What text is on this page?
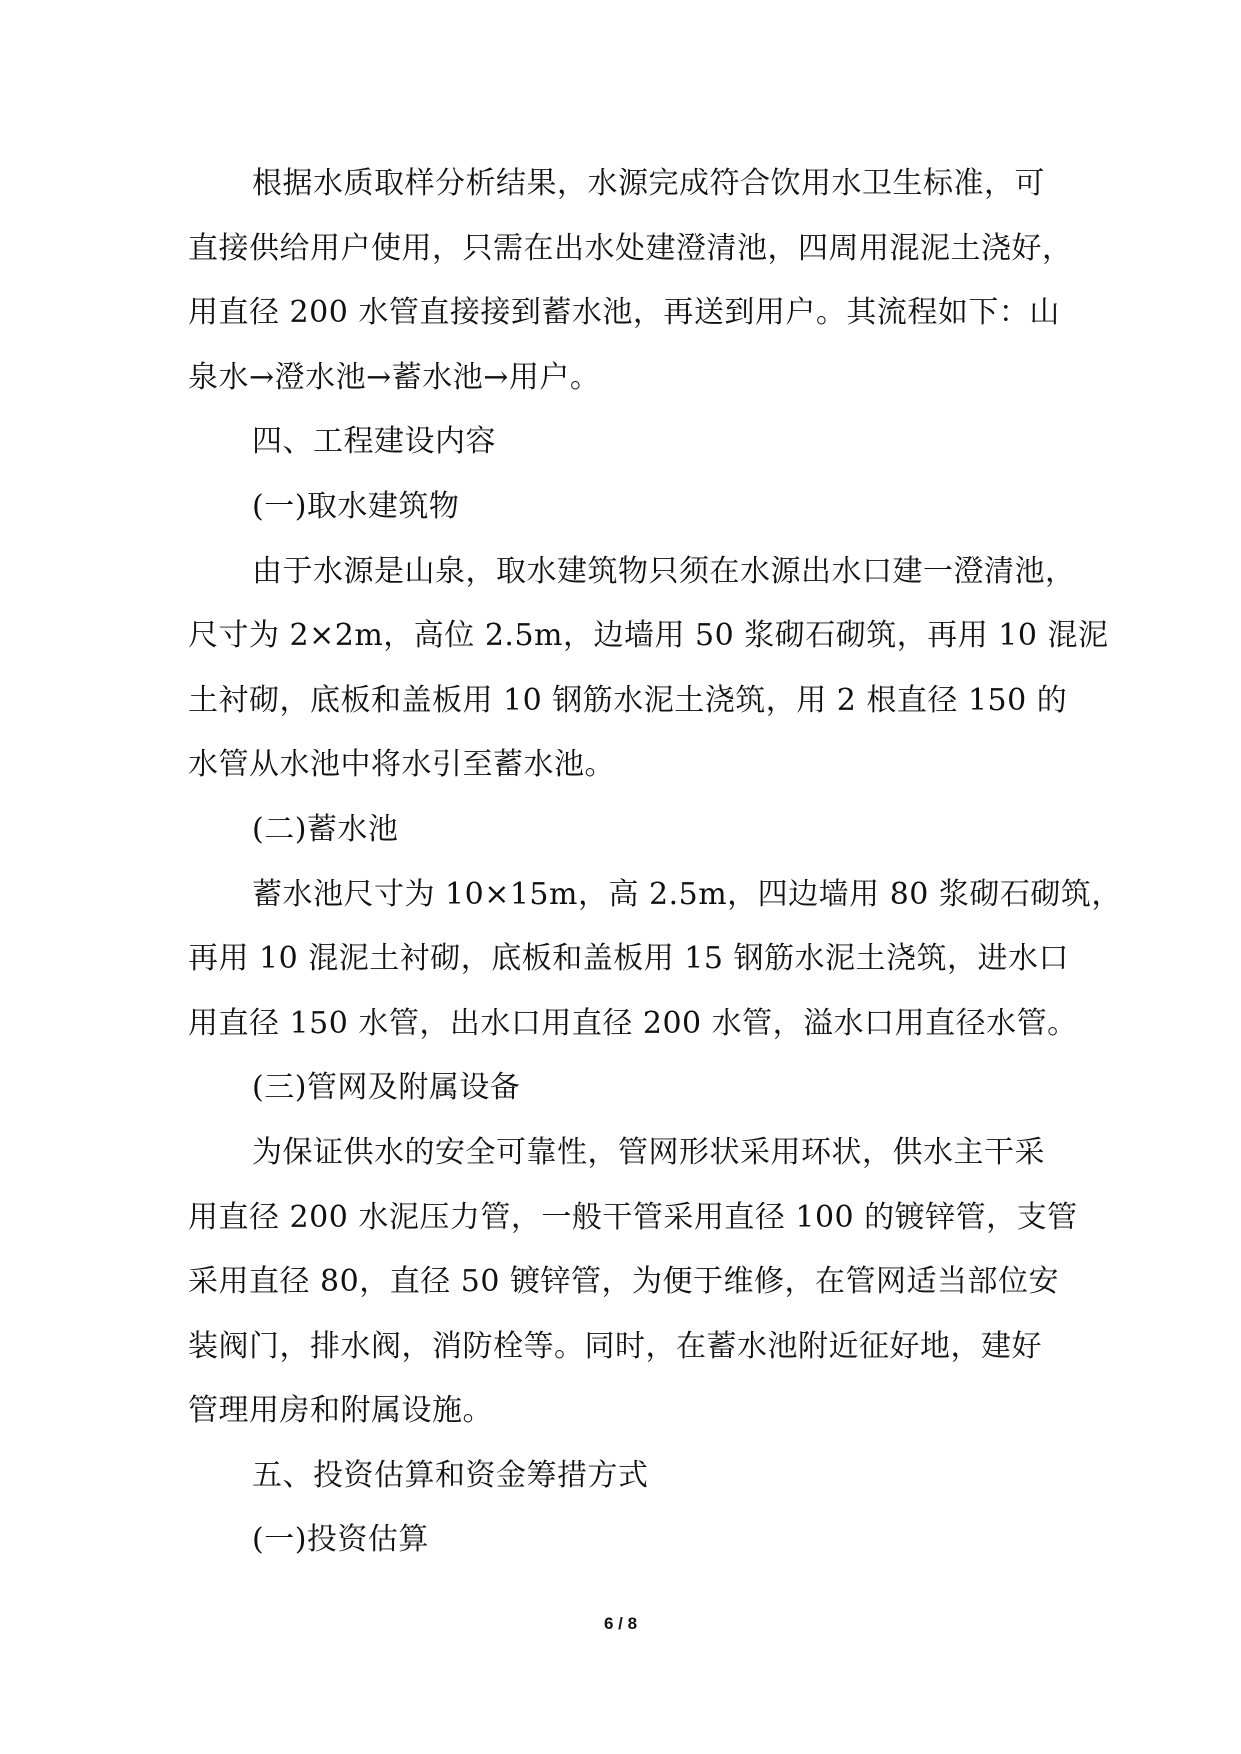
根据水质取样分析结果，水源完成符合饮用水卫生标准，可
直接供给用户使用，只需在出水处建澄清池，四周用混泥土浇好，
用直径 200 水管直接接到蓄水池，再送到用户。其流程如下：山
泉水→澄水池→蓄水池→用户。
四、工程建设内容
(一)取水建筑物
由于水源是山泉，取水建筑物只须在水源出水口建一澄清池，
尺寸为 2×2m，高位 2.5m，边墙用 50 浆砌石砌筑，再用 10 混泥
土衬砌，底板和盖板用 10 钢筋水泥土浇筑，用 2 根直径 150 的
水管从水池中将水引至蓄水池。
(二)蓄水池
蓄水池尺寸为 10×15m，高 2.5m，四边墙用 80 浆砌石砌筑，
再用 10 混泥土衬砌，底板和盖板用 15 钢筋水泥土浇筑，进水口
用直径 150 水管，出水口用直径 200 水管，溢水口用直径水管。
(三)管网及附属设备
为保证供水的安全可靠性，管网形状采用环状，供水主干采
用直径 200 水泥压力管，一般干管采用直径 100 的镀锌管，支管
采用直径 80，直径 50 镀锌管，为便于维修，在管网适当部位安
装阀门，排水阀，消防栓等。同时，在蓄水池附近征好地，建好
管理用房和附属设施。
五、投资估算和资金筹措方式
(一)投资估算
6 / 8
